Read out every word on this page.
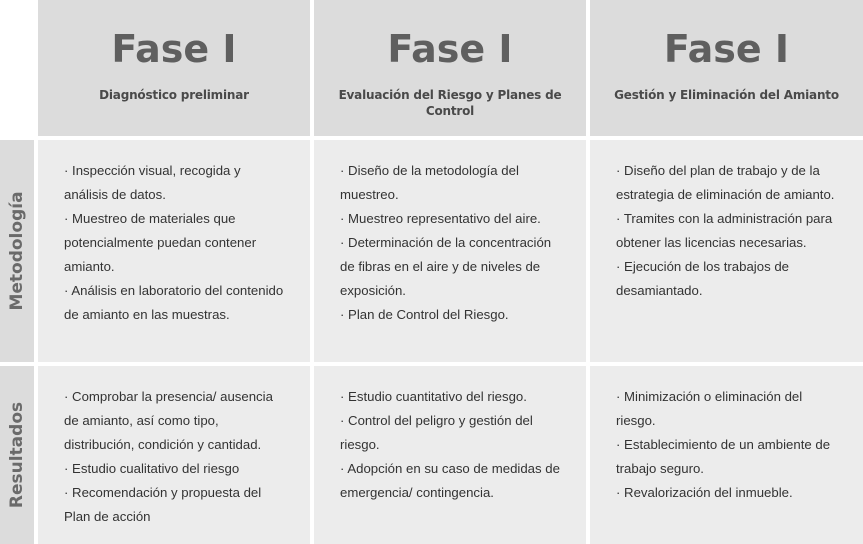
Fase I
Diagnóstico preliminar
Fase I
Evaluación del Riesgo y Planes de Control
Fase I
Gestión y Eliminación del Amianto
Metodología
· Inspección visual, recogida y
análisis de datos.
· Muestreo de materiales que
potencialmente puedan contener
amianto.
· Análisis en laboratorio del contenido
de amianto en las muestras.
· Diseño de la metodología del
muestreo.
· Muestreo representativo del aire.
· Determinación de la concentración
de fibras en el aire y de niveles de
exposición.
· Plan de Control del Riesgo.
· Diseño del plan de trabajo y de la
estrategia de eliminación de amianto.
· Tramites con la administración para
obtener las licencias necesarias.
· Ejecución de los trabajos de
desamiantado.
Resultados
· Comprobar la presencia/ ausencia
de amianto, así como tipo,
distribución, condición y cantidad.
· Estudio cualitativo del riesgo
· Recomendación y propuesta del
Plan de acción
· Estudio cuantitativo del riesgo.
· Control del peligro y gestión del
riesgo.
· Adopción en su caso de medidas de
emergencia/ contingencia.
· Minimización o eliminación del
riesgo.
· Establecimiento de un ambiente de
trabajo seguro.
· Revalorización del inmueble.
